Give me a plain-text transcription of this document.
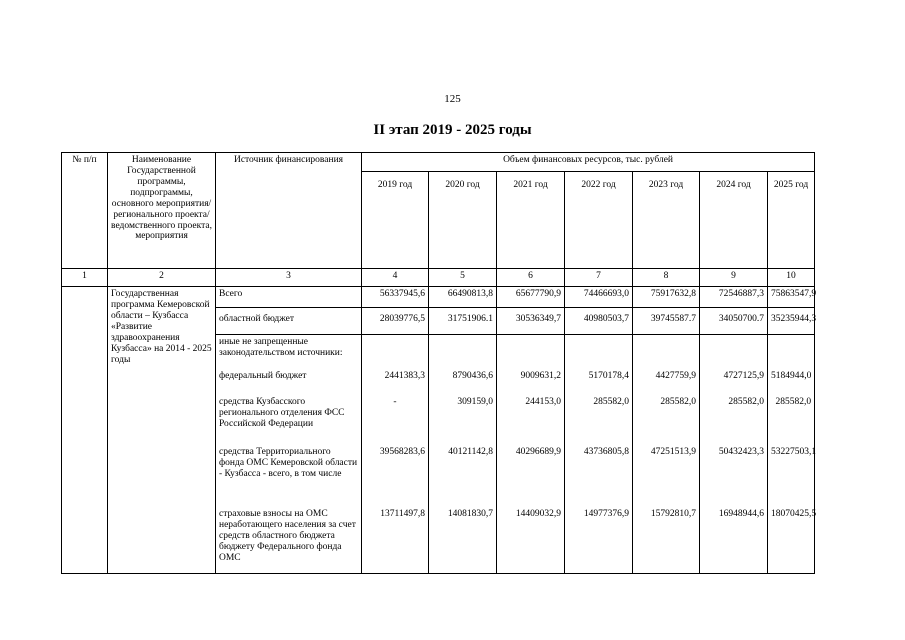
125
II этап 2019 - 2025 годы
№ п/п	Наименование Государственной программы, подпрограммы, основного мероприятия/регионального проекта/ведомственного проекта, мероприятия	Источник финансирования	Объем финансовых ресурсов, тыс. рублей						
			2019 год	2020 год	2021 год	2022 год	2023 год	2024 год	2025 год
1	2	3	4	5	6	7	8	9	10
	Государственная программа Кемеровской области – Кузбасса «Развитие здравоохранения Кузбасса» на 2014 - 2025 годы	Всего	56337945,6	66490813,8	65677790,9	74466693,0	75917632,8	72546887,3	75863547,9
		областной бюджет	28039776,5	31751906.1	30536349,7	40980503,7	39745587.7	34050700.7	35235944,3
		иные не запрещенные законодательством источники:							
		федеральный бюджет	2441383,3	8790436,6	9009631,2	5170178,4	4427759,9	4727125,9	5184944,0
		средства Кузбасского регионального отделения ФСС Российской Федерации	-	309159,0	244153,0	285582,0	285582,0	285582,0	285582,0
		средства Территориального фонда ОМС Кемеровской области - Кузбасса - всего, в том числе	39568283,6	40121142,8	40296689,9	43736805,8	47251513,9	50432423,3	53227503,1
		страховые взносы на ОМС неработающего населения за счет средств областного бюджета бюджету Федерального фонда ОМС	13711497,8	14081830,7	14409032,9	14977376,9	15792810,7	16948944,6	18070425,5
